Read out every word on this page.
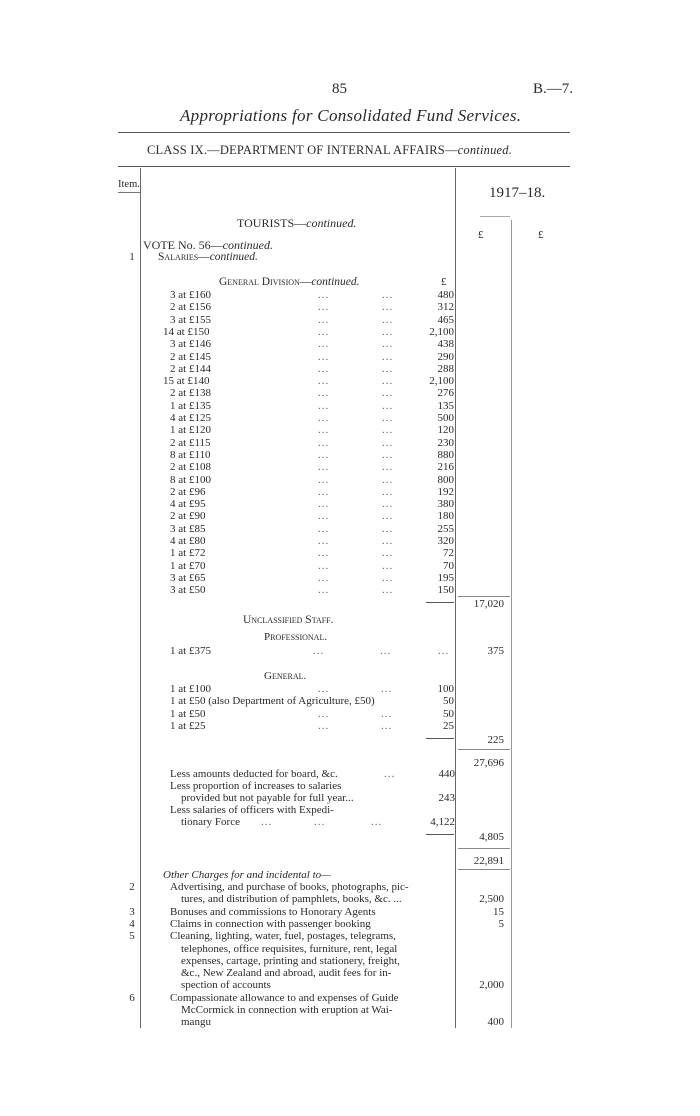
85	B.—7.
Appropriations for Consolidated Fund Services.
CLASS IX.—DEPARTMENT OF INTERNAL AFFAIRS—continued.
Item.
1917–18.
£	£
TOURISTS—continued.
VOTE No. 56—continued.
1	Salaries—continued.
General Division—continued.	£
3 at £160	...	...	480
2 at £156	...	...	312
3 at £155	...	...	465
14 at £150	...	...	2,100
3 at £146	...	...	438
2 at £145	...	...	290
2 at £144	...	...	288
15 at £140	...	...	2,100
2 at £138	...	...	276
1 at £135	...	...	135
4 at £125	...	...	500
1 at £120	...	...	120
2 at £115	...	...	230
8 at £110	...	...	880
2 at £108	...	...	216
8 at £100	...	...	800
2 at £96	...	...	192
4 at £95	...	...	380
2 at £90	...	...	180
3 at £85	...	...	255
4 at £80	...	...	320
1 at £72	...	...	72
1 at £70	...	...	70
3 at £65	...	...	195
3 at £50	...	...	150
17,020
Unclassified Staff.
Professional.
1 at £375	...	...	...	375
General.
1 at £100	...	...	100
1 at £50 (also Department of Agriculture, £50)	50
1 at £50	...	...	50
1 at £25	...	...	25
225
27,696
Less amounts deducted for board, &c.	...	440
Less proportion of increases to salaries
provided but not payable for full year...	243
Less salaries of officers with Expedi-
tionary Force ...	...	...	4,122
4,805
22,891
Other Charges for and incidental to—
2	Advertising, and purchase of books, photographs, pic-
tures, and distribution of pamphlets, books, &c. ...	2,500
3	Bonuses and commissions to Honorary Agents	15
4	Claims in connection with passenger booking	5
5	Cleaning, lighting, water, fuel, postages, telegrams,
telephones, office requisites, furniture, rent, legal
expenses, cartage, printing and stationery, freight,
&c., New Zealand and abroad, audit fees for in-
spection of accounts	2,000
6	Compassionate allowance to and expenses of Guide
McCormick in connection with eruption at Wai-
mangu	400
